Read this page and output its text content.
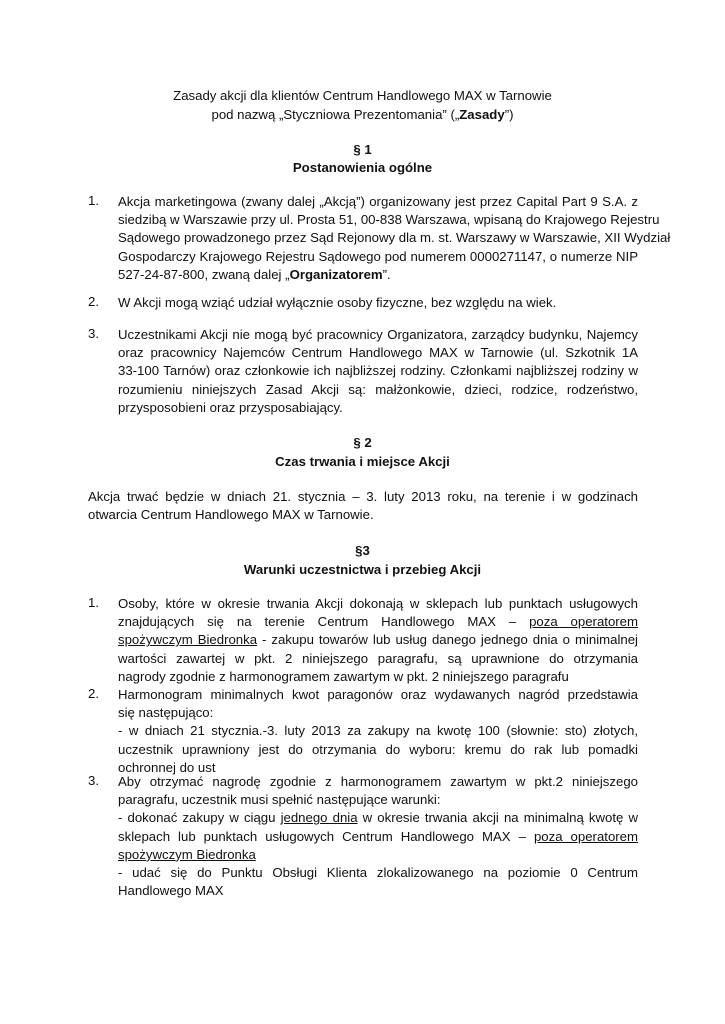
Zasady akcji dla klientów Centrum Handlowego MAX w Tarnowie
pod nazwą „Styczniowa Prezentomania” („Zasady”)
§ 1
Postanowienia ogólne
1.	Akcja marketingowa (zwany dalej „Akcją”) organizowany jest przez Capital Part 9 S.A. z
siedzibą w Warszawie przy ul. Prosta 51, 00-838 Warszawa, wpisaną do Krajowego Rejestru
Sądowego prowadzonego przez Sąd Rejonowy dla m. st. Warszawy w Warszawie, XII Wydział
Gospodarczy Krajowego Rejestru Sądowego pod numerem 0000271147, o numerze NIP
527-24-87-800, zwaną dalej „Organizatorem”.
2.	W Akcji mogą wziąć udział wyłącznie osoby fizyczne, bez względu na wiek.
3.	Uczestnikami Akcji nie mogą być pracownicy Organizatora, zarządcy budynku, Najemcy
oraz pracownicy Najemców Centrum Handlowego MAX w Tarnowie (ul. Szkotnik 1A
33-100 Tarnów) oraz członkowie ich najbliższej rodziny. Członkami najbliższej rodziny w
rozumieniu niniejszych Zasad Akcji są: małżonkowie, dzieci, rodzice, rodzeństwo,
przysposobieni oraz przysposabiający.
§ 2
Czas trwania i miejsce Akcji
Akcja trwać będzie w dniach 21. stycznia – 3. luty 2013 roku, na terenie i w godzinach
otwarcia Centrum Handlowego MAX w Tarnowie.
§3
Warunki uczestnictwa i przebieg Akcji
1.	Osoby, które w okresie trwania Akcji dokonają w sklepach lub punktach usługowych
znajdujących się na terenie Centrum Handlowego MAX – poza operatorem
spożywczym Biedronka - zakupu towarów lub usług danego jednego dnia o minimalnej
wartości zawartej w pkt. 2 niniejszego paragrafu, są uprawnione do otrzymania
nagrody zgodnie z harmonogramem zawartym w pkt. 2 niniejszego paragrafu
2.	Harmonogram minimalnych kwot paragonów oraz wydawanych nagród przedstawia
się następująco:
- w dniach 21 stycznia.-3. luty 2013 za zakupy na kwotę 100 (słownie: sto) złotych,
uczestnik uprawniony jest do otrzymania do wyboru: kremu do rak lub pomadki
ochronnej do ust
3.	Aby otrzymać nagrodę zgodnie z harmonogramem zawartym w pkt.2 niniejszego
paragrafu, uczestnik musi spełnić następujące warunki:
- dokonać zakupy w ciągu jednego dnia w okresie trwania akcji na minimalną kwotę w
sklepach lub punktach usługowych Centrum Handlowego MAX – poza operatorem
spożywczym Biedronka
- udać się do Punktu Obsługi Klienta zlokalizowanego na poziomie 0 Centrum
Handlowego MAX
